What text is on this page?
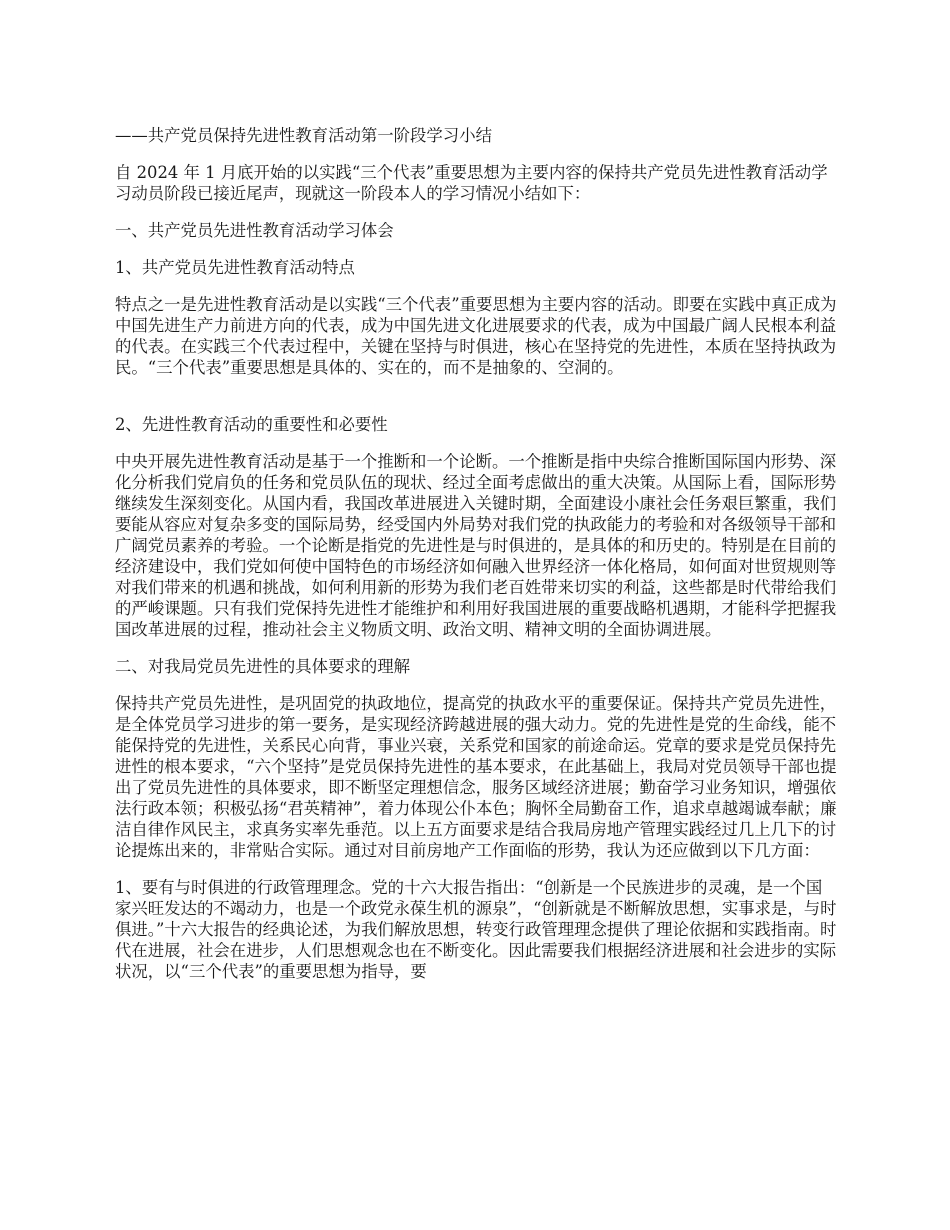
——共产党员保持先进性教育活动第一阶段学习小结

自 2024 年 1 月底开始的以实践“三个代表”重要思想为主要内容的保持共产党员先进性教育活动学习动员阶段已接近尾声，现就这一阶段本人的学习情况小结如下：

一、共产党员先进性教育活动学习体会

1、共产党员先进性教育活动特点

特点之一是先进性教育活动是以实践“三个代表”重要思想为主要内容的活动。即要在实践中真正成为中国先进生产力前进方向的代表，成为中国先进文化进展要求的代表，成为中国最广阔人民根本利益的代表。在实践三个代表过程中，关键在坚持与时俱进，核心在坚持党的先进性，本质在坚持执政为民。“三个代表”重要思想是具体的、实在的，而不是抽象的、空洞的。

2、先进性教育活动的重要性和必要性

中央开展先进性教育活动是基于一个推断和一个论断。一个推断是指中央综合推断国际国内形势、深化分析我们党肩负的任务和党员队伍的现状、经过全面考虑做出的重大决策。从国际上看，国际形势继续发生深刻变化。从国内看，我国改革进展进入关键时期，全面建设小康社会任务艰巨繁重，我们要能从容应对复杂多变的国际局势，经受国内外局势对我们党的执政能力的考验和对各级领导干部和广阔党员素养的考验。一个论断是指党的先进性是与时俱进的，是具体的和历史的。特别是在目前的经济建设中，我们党如何使中国特色的市场经济如何融入世界经济一体化格局，如何面对世贸规则等对我们带来的机遇和挑战，如何利用新的形势为我们老百姓带来切实的利益，这些都是时代带给我们的严峻课题。只有我们党保持先进性才能维护和利用好我国进展的重要战略机遇期，才能科学把握我国改革进展的过程，推动社会主义物质文明、政治文明、精神文明的全面协调进展。

二、对我局党员先进性的具体要求的理解

保持共产党员先进性，是巩固党的执政地位，提高党的执政水平的重要保证。保持共产党员先进性，是全体党员学习进步的第一要务，是实现经济跨越进展的强大动力。党的先进性是党的生命线，能不能保持党的先进性，关系民心向背，事业兴衰，关系党和国家的前途命运。党章的要求是党员保持先进性的根本要求，“六个坚持”是党员保持先进性的基本要求，在此基础上，我局对党员领导干部也提出了党员先进性的具体要求，即不断坚定理想信念，服务区域经济进展；勤奋学习业务知识，增强依法行政本领；积极弘扬“君英精神”，着力体现公仆本色；胸怀全局勤奋工作，追求卓越竭诚奉献；廉洁自律作风民主，求真务实率先垂范。以上五方面要求是结合我局房地产管理实践经过几上几下的讨论提炼出来的，非常贴合实际。通过对目前房地产工作面临的形势，我认为还应做到以下几方面：

1、要有与时俱进的行政管理理念。党的十六大报告指出：“创新是一个民族进步的灵魂，是一个国家兴旺发达的不竭动力，也是一个政党永葆生机的源泉”，“创新就是不断解放思想，实事求是，与时俱进。”十六大报告的经典论述，为我们解放思想，转变行政管理理念提供了理论依据和实践指南。时代在进展，社会在进步，人们思想观念也在不断变化。因此需要我们根据经济进展和社会进步的实际状况，以“三个代表”的重要思想为指导，要
